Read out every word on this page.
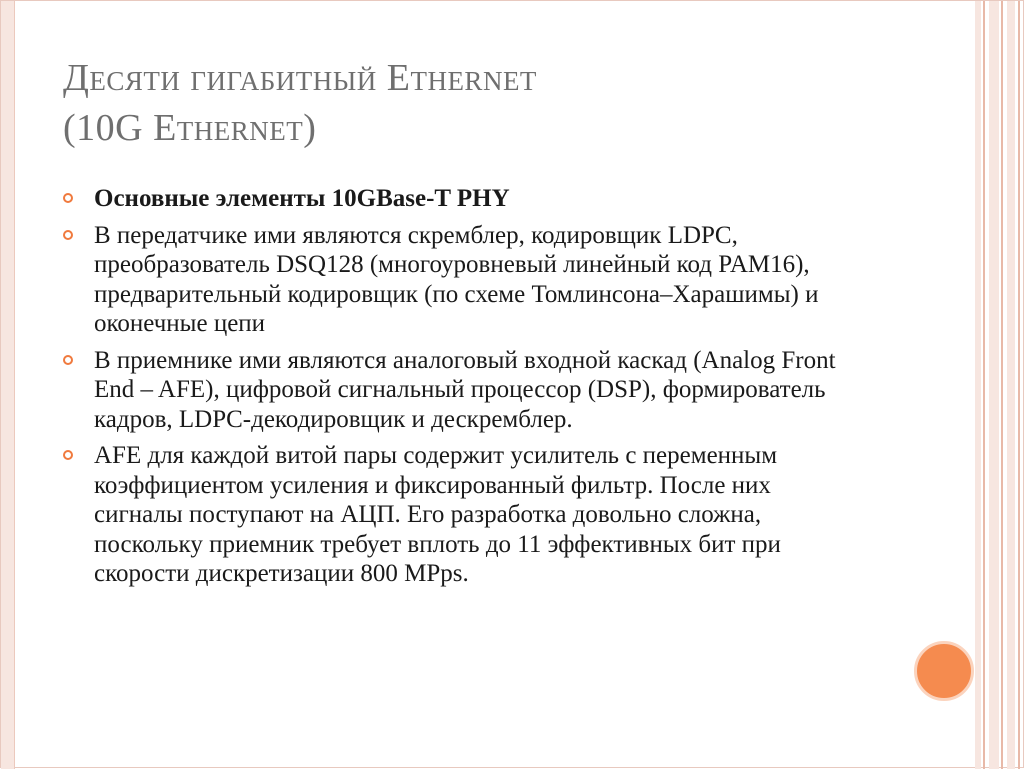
Десяти гигабитный Ethernet
(10G Ethernet)
Основные элементы 10GBase-T PHY
В передатчике ими являются скремблер, кодировщик LDPC, преобразователь DSQ128 (многоуровневый линейный код PAM16), предварительный кодировщик (по схеме Томлинсона–Харашимы) и оконечные цепи
В приемнике ими являются аналоговый входной каскад (Analog Front End – AFE), цифровой сигнальный процессор (DSP), формирователь кадров, LDPC-декодировщик и дескремблер.
AFE для каждой витой пары содержит усилитель с переменным коэффициентом усиления и фиксированный фильтр. После них сигналы поступают на АЦП. Его разработка довольно сложна, поскольку приемник требует вплоть до 11 эффективных бит при скорости дискретизации 800 MPps.
